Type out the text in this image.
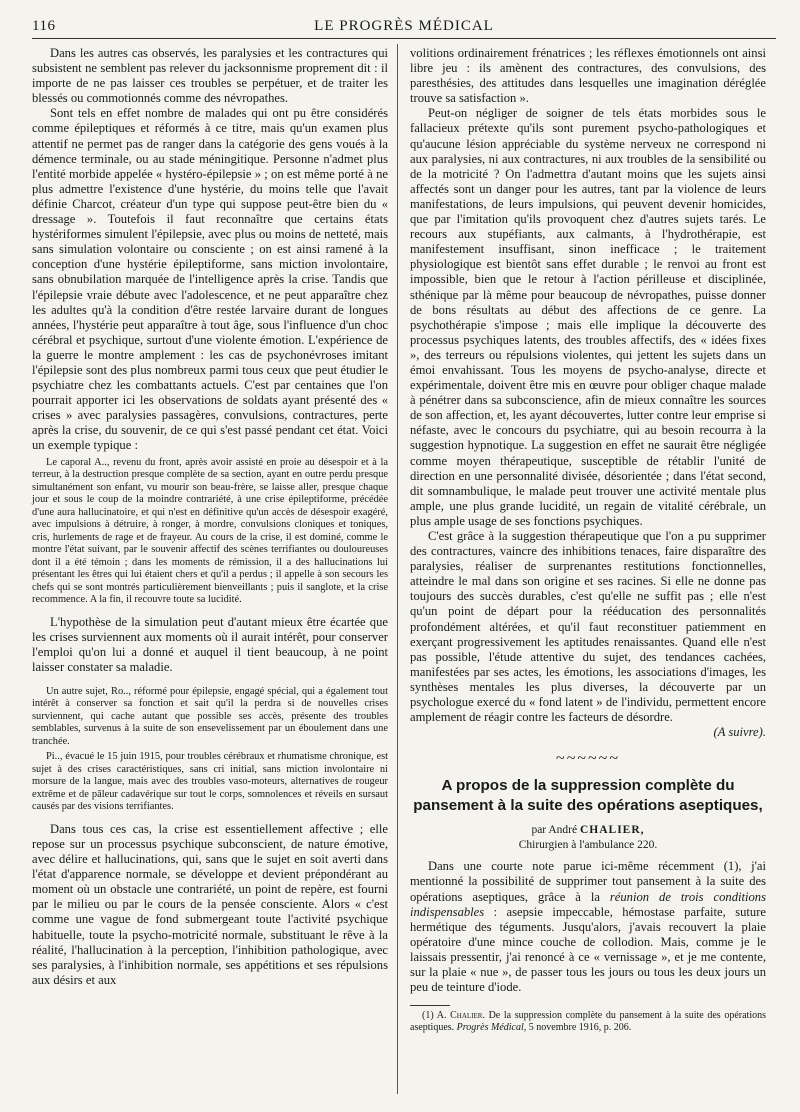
116	LE PROGRÈS MÉDICAL

Dans les autres cas observés, les paralysies et les contractures qui subsistent ne semblent pas relever du jacksonnisme proprement dit : il importe de ne pas laisser ces troubles se perpétuer, et de traiter les blessés ou commotionnés comme des névropathes.

Sont tels en effet nombre de malades qui ont pu être considérés comme épileptiques et réformés à ce titre, mais qu'un examen plus attentif ne permet pas de ranger dans la catégorie des gens voués à la démence terminale, ou au stade méningitique. Personne n'admet plus l'entité morbide appelée « hystéro-épilepsie » ; on est même porté à ne plus admettre l'existence d'une hystérie, du moins telle que l'avait définie Charcot, créateur d'un type qui suppose peut-être bien du « dressage ». Toutefois il faut reconnaître que certains états hystériformes simulent l'épilepsie, avec plus ou moins de netteté, mais sans simulation volontaire ou consciente ; on est ainsi ramené à la conception d'une hystérie épileptiforme, sans miction involontaire, sans obnubilation marquée de l'intelligence après la crise. Tandis que l'épilepsie vraie débute avec l'adolescence, et ne peut apparaître chez les adultes qu'à la condition d'être restée larvaire durant de longues années, l'hystérie peut apparaître à tout âge, sous l'influence d'un choc cérébral et psychique, surtout d'une violente émotion. L'expérience de la guerre le montre amplement : les cas de psychonévroses imitant l'épilepsie sont des plus nombreux parmi tous ceux que peut étudier le psychiatre chez les combattants actuels. C'est par centaines que l'on pourrait apporter ici les observations de soldats ayant présenté des « crises » avec paralysies passagères, convulsions, contractures, perte après la crise, du souvenir, de ce qui s'est passé pendant cet état. Voici un exemple typique :

Le caporal A.., revenu du front, après avoir assisté en proie au désespoir et à la terreur, à la destruction presque complète de sa section, ayant en outre perdu presque simultanément son enfant, vu mourir son beau-frère, se laisse aller, presque chaque jour et sous le coup de la moindre contrariété, à une crise épileptiforme, précédée d'une aura hallucinatoire, et qui n'est en définitive qu'un accès de désespoir exagéré, avec impulsions à détruire, à ronger, à mordre, convulsions cloniques et toniques, cris, hurlements de rage et de frayeur. Au cours de la crise, il est dominé, comme le montre l'état suivant, par le souvenir affectif des scènes terrifiantes ou douloureuses dont il a été témoin ; dans les moments de rémission, il a des hallucinations lui présentant les êtres qui lui étaient chers et qu'il a perdus ; il appelle à son secours les chefs qui se sont montrés particulièrement bienveillants ; puis il sanglote, et la crise recommence. A la fin, il recouvre toute sa lucidité.

L'hypothèse de la simulation peut d'autant mieux être écartée que les crises surviennent aux moments où il aurait intérêt, pour conserver l'emploi qu'on lui a donné et auquel il tient beaucoup, à ne point laisser constater sa maladie.

Un autre sujet, Ro.., réformé pour épilepsie, engagé spécial, qui a également tout intérêt à conserver sa fonction et sait qu'il la perdra si de nouvelles crises surviennent, qui cache autant que possible ses accès, présente des troubles semblables, survenus à la suite de son ensevelissement par un éboulement dans une tranchée.

Pi.., évacué le 15 juin 1915, pour troubles cérébraux et rhumatisme chronique, est sujet à des crises caractéristiques, sans cri initial, sans miction involontaire ni morsure de la langue, mais avec des troubles vaso-moteurs, alternatives de rougeur extrême et de pâleur cadavérique sur tout le corps, somnolences et réveils en sursaut causés par des visions terrifiantes.

Dans tous ces cas, la crise est essentiellement affective ; elle repose sur un processus psychique subconscient, de nature émotive, avec délire et hallucinations, qui, sans que le sujet en soit averti dans l'état d'apparence normale, se développe et devient prépondérant au moment où un obstacle une contrariété, un point de repère, est fourni par le milieu ou par le cours de la pensée consciente. Alors « c'est comme une vague de fond submergeant toute l'activité psychique habituelle, toute la psycho-motricité normale, substituant le rêve à la réalité, l'hallucination à la perception, l'inhibition pathologique, avec ses paralysies, à l'inhibition normale, ses appétitions et ses répulsions aux désirs et aux

volitions ordinairement frénatrices ; les réflexes émotionnels ont ainsi libre jeu : ils amènent des contractures, des convulsions, des paresthésies, des attitudes dans lesquelles une imagination déréglée trouve sa satisfaction ».

Peut-on négliger de soigner de tels états morbides sous le fallacieux prétexte qu'ils sont purement psycho-pathologiques et qu'aucune lésion appréciable du système nerveux ne correspond ni aux paralysies, ni aux contractures, ni aux troubles de la sensibilité ou de la motricité ? On l'admettra d'autant moins que les sujets ainsi affectés sont un danger pour les autres, tant par la violence de leurs manifestations, de leurs impulsions, qui peuvent devenir homicides, que par l'imitation qu'ils provoquent chez d'autres sujets tarés. Le recours aux stupéfiants, aux calmants, à l'hydrothérapie, est manifestement insuffisant, sinon inefficace ; le traitement physiologique est bientôt sans effet durable ; le renvoi au front est impossible, bien que le retour à l'action périlleuse et disciplinée, sthénique par là même pour beaucoup de névropathes, puisse donner de bons résultats au début des affections de ce genre. La psychothérapie s'impose ; mais elle implique la découverte des processus psychiques latents, des troubles affectifs, des « idées fixes », des terreurs ou répulsions violentes, qui jettent les sujets dans un émoi envahissant. Tous les moyens de psycho-analyse, directe et expérimentale, doivent être mis en œuvre pour obliger chaque malade à pénétrer dans sa subconscience, afin de mieux connaître les sources de son affection, et, les ayant découvertes, lutter contre leur emprise si néfaste, avec le concours du psychiatre, qui au besoin recourra à la suggestion hypnotique. La suggestion en effet ne saurait être négligée comme moyen thérapeutique, susceptible de rétablir l'unité de direction en une personnalité divisée, désorientée ; dans l'état second, dit somnambulique, le malade peut trouver une activité mentale plus ample, une plus grande lucidité, un regain de vitalité cérébrale, un plus ample usage de ses fonctions psychiques.

C'est grâce à la suggestion thérapeutique que l'on a pu supprimer des contractures, vaincre des inhibitions tenaces, faire disparaître des paralysies, réaliser de surprenantes restitutions fonctionnelles, atteindre le mal dans son origine et ses racines. Si elle ne donne pas toujours des succès durables, c'est qu'elle ne suffit pas ; elle n'est qu'un point de départ pour la rééducation des personnalités profondément altérées, et qu'il faut reconstituer patiemment en exerçant progressivement les aptitudes renaissantes. Quand elle n'est pas possible, l'étude attentive du sujet, des tendances cachées, manifestées par ses actes, les émotions, les associations d'images, les synthèses mentales les plus diverses, la découverte par un psychologue exercé du « fond latent » de l'individu, permettent encore amplement de réagir contre les facteurs de désordre.

(A suivre).

~~~~~~

A propos de la suppression complète du
pansement à la suite des opérations aseptiques,

par André CHALIER,

Chirurgien à l'ambulance 220.

Dans une courte note parue ici-même récemment (1), j'ai mentionné la possibilité de supprimer tout pansement à la suite des opérations aseptiques, grâce à la réunion de trois conditions indispensables : asepsie impeccable, hémostase parfaite, suture hermétique des téguments. Jusqu'alors, j'avais recouvert la plaie opératoire d'une mince couche de collodion. Mais, comme je le laissais pressentir, j'ai renoncé à ce « vernissage », et je me contente, sur la plaie « nue », de passer tous les jours ou tous les deux jours un peu de teinture d'iode.

(1) A. Chalier. De la suppression complète du pansement à la suite des opérations aseptiques. Progrès Médical, 5 novembre 1916, p. 206.
